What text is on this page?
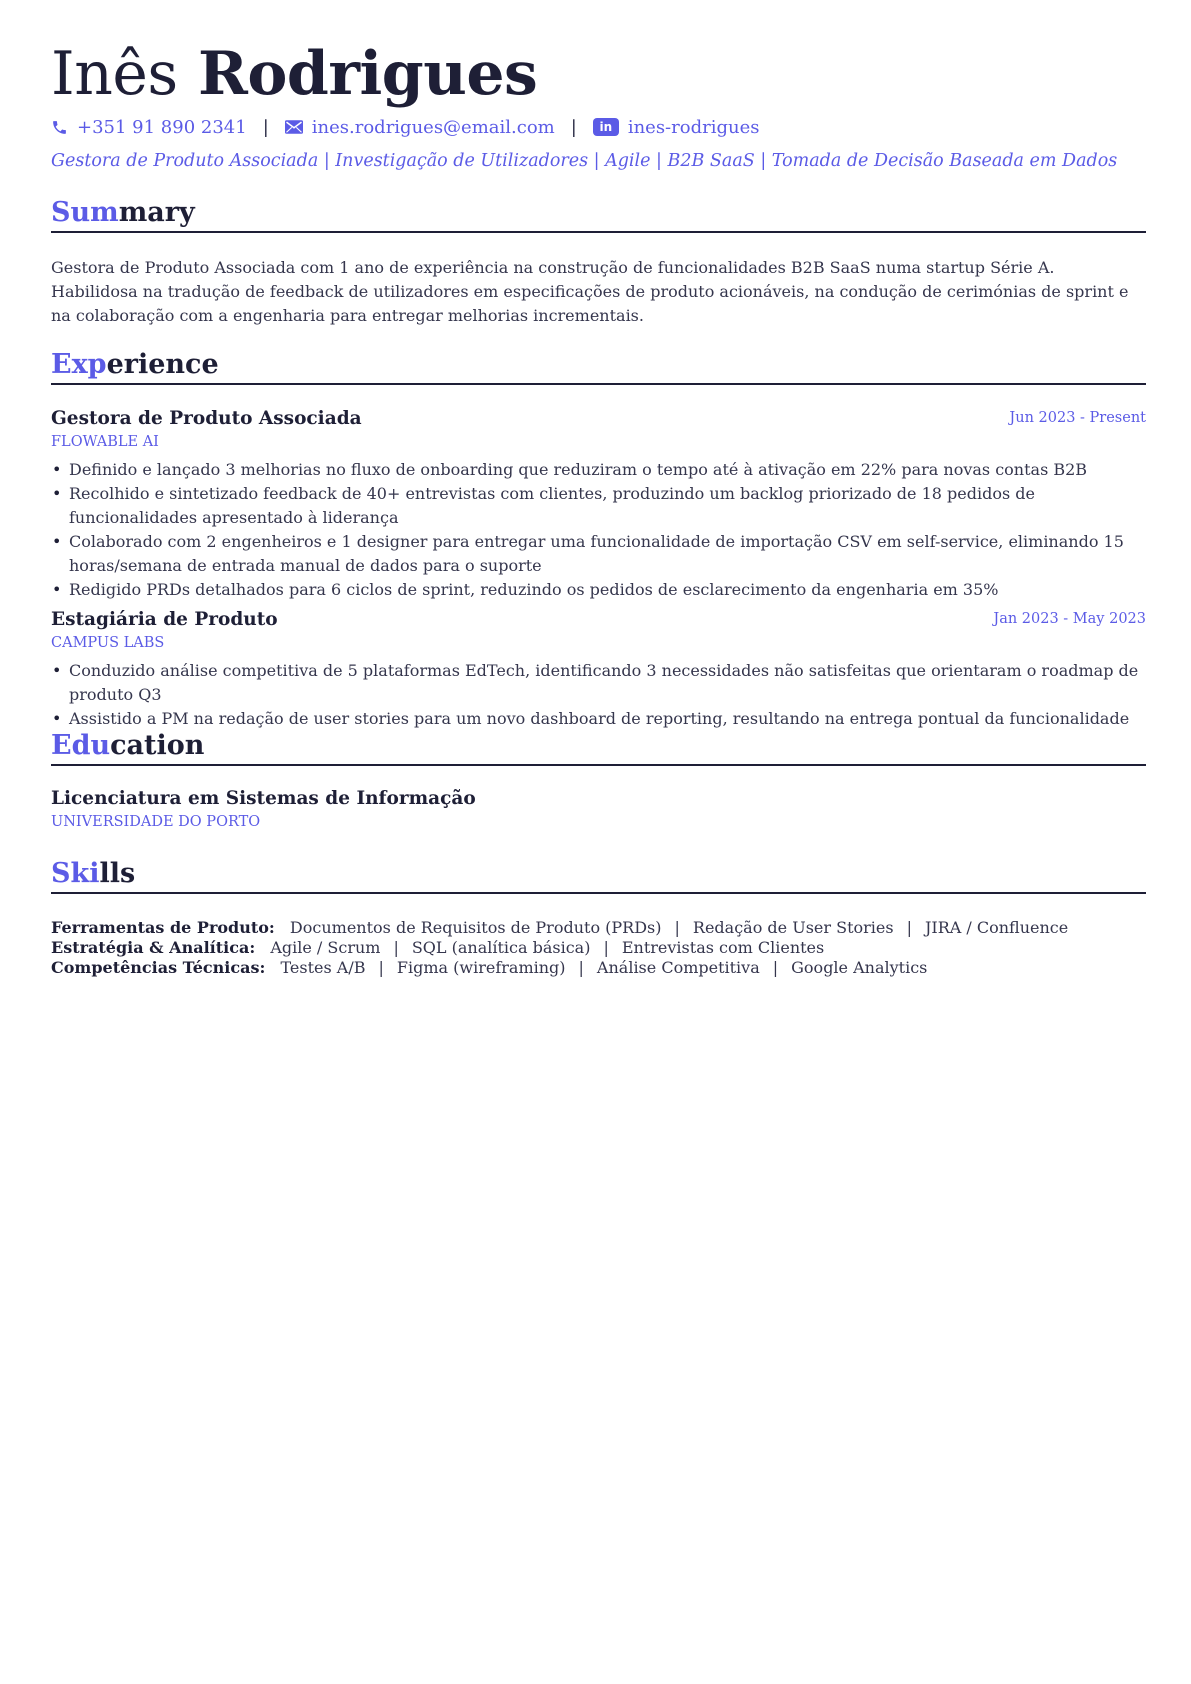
Inês Rodrigues
+351 91 890 2341 | ines.rodrigues@email.com |	in ines-rodrigues
Gestora de Produto Associada | Investigação de Utilizadores | Agile | B2B SaaS | Tomada de Decisão Baseada em Dados
Summary

Gestora de Produto Associada com 1 ano de experiência na construção de funcionalidades B2B SaaS numa startup Série A. Habilidosa na tradução de feedback de utilizadores em especificações de produto acionáveis, na condução de cerimónias de sprint e na colaboração com a engenharia para entregar melhorias incrementais.

Experience
Gestora de Produto Associada	Jun 2023 - Present
FLOWABLE AI
• Definido e lançado 3 melhorias no fluxo de onboarding que reduziram o tempo até à ativação em 22% para novas contas B2B
• Recolhido e sintetizado feedback de 40+ entrevistas com clientes, produzindo um backlog priorizado de 18 pedidos de funcionalidades apresentado à liderança
• Colaborado com 2 engenheiros e 1 designer para entregar uma funcionalidade de importação CSV em self-service, eliminando 15 horas/semana de entrada manual de dados para o suporte
• Redigido PRDs detalhados para 6 ciclos de sprint, reduzindo os pedidos de esclarecimento da engenharia em 35%
Estagiária de Produto	Jan 2023 - May 2023
CAMPUS LABS
• Conduzido análise competitiva de 5 plataformas EdTech, identificando 3 necessidades não satisfeitas que orientaram o roadmap de produto Q3
• Assistido a PM na redação de user stories para um novo dashboard de reporting, resultando na entrega pontual da funcionalidade
Education
Licenciatura em Sistemas de Informação
UNIVERSIDADE DO PORTO
Skills
Ferramentas de Produto: Documentos de Requisitos de Produto (PRDs) | Redação de User Stories | JIRA / Confluence
Estratégia & Analítica: Agile / Scrum | SQL (analítica básica) | Entrevistas com Clientes
Competências Técnicas: Testes A/B | Figma (wireframing) | Análise Competitiva | Google Analytics
